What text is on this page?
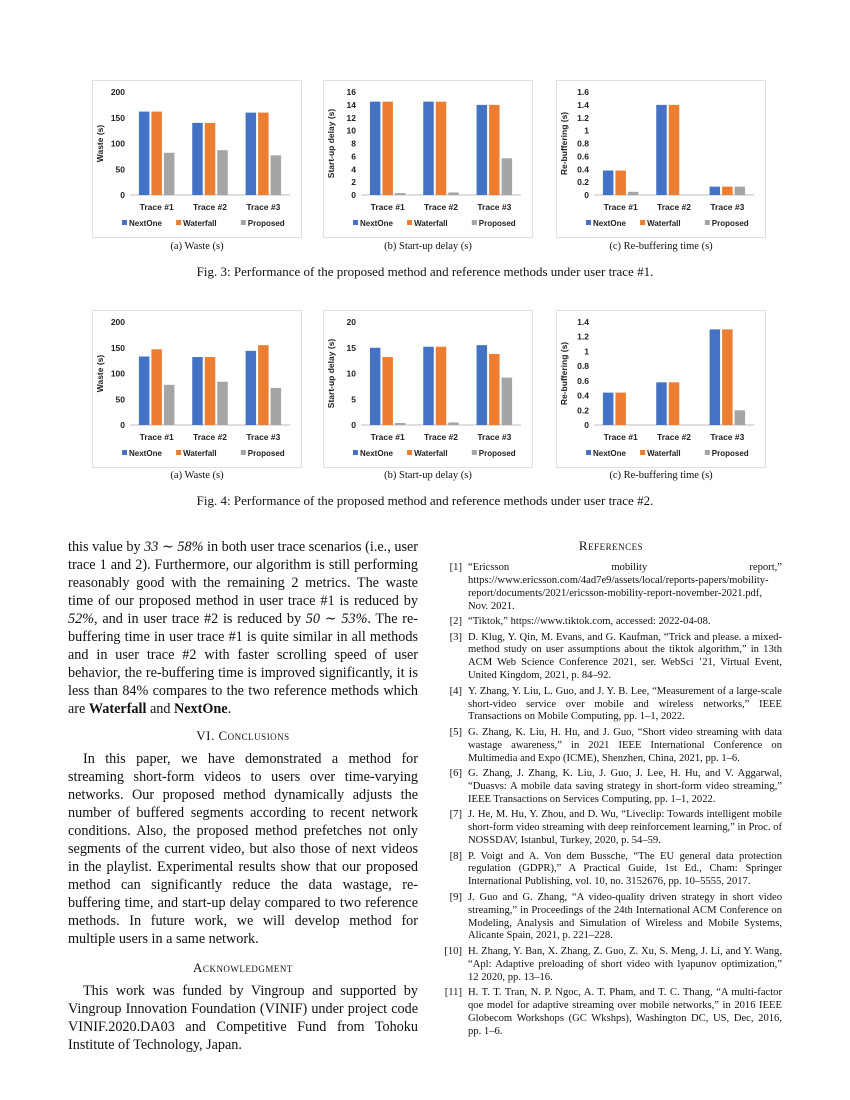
0
50
100
150
200
Waste (s)
Trace #1 Trace #2 Trace #3
NextOne	Waterfall	Proposed
0
2
4
6
8
10
12
14
16
Start-up delay (s)
Trace #1 Trace #2 Trace #3
NextOne	Waterfall	Proposed
0
0.2
0.4
0.6
0.8
1
1.2
1.4
1.6
Re-buffering (s)
Trace #1 Trace #2 Trace #3
NextOne	Waterfall	Proposed
(a) Waste (s)	(b) Start-up delay (s)	(c) Re-buffering time (s)
Fig. 3: Performance of the proposed method and reference methods under user trace #1.
0
50
100
150
200
Waste (s)
Trace #1 Trace #2 Trace #3
NextOne	Waterfall	Proposed
0
5
10
15
20
Start-up delay (s)
Trace #1 Trace #2 Trace #3
NextOne	Waterfall	Proposed
0
0.2
0.4
0.6
0.8
1
1.2
1.4
Re-buffering (s)
Trace #1 Trace #2 Trace #3
NextOne	Waterfall	Proposed
(a) Waste (s)	(b) Start-up delay (s)	(c) Re-buffering time (s)
Fig. 4: Performance of the proposed method and reference methods under user trace #2.

this value by 33 ∼ 58% in both user trace scenarios (i.e., user trace 1 and 2). Furthermore, our algorithm is still performing reasonably good with the remaining 2 metrics. The waste time of our proposed method in user trace #1 is reduced by 52%, and in user trace #2 is reduced by 50 ∼ 53%. The re-buffering time in user trace #1 is quite similar in all methods and in user trace #2 with faster scrolling speed of user behavior, the re-buffering time is improved significantly, it is less than 84% compares to the two reference methods which are Waterfall and NextOne.

VI. Conclusions

In this paper, we have demonstrated a method for streaming short-form videos to users over time-varying networks. Our proposed method dynamically adjusts the number of buffered segments according to recent network conditions. Also, the proposed method prefetches not only segments of the current video, but also those of next videos in the playlist. Experimental results show that our proposed method can significantly reduce the data wastage, re-buffering time, and start-up delay compared to two reference methods. In future work, we will develop method for multiple users in a same network.

Acknowledgment

This work was funded by Vingroup and supported by Vingroup Innovation Foundation (VINIF) under project code VINIF.2020.DA03 and Competitive Fund from Tohoku Institute of Technology, Japan.

References
[1] “Ericsson mobility report,” https://www.ericsson.com/4ad7e9/assets/local/reports-papers/mobility-report/documents/2021/ericsson-mobility-report-november-2021.pdf, Nov. 2021.
[2] “Tiktok,” https://www.tiktok.com, accessed: 2022-04-08.
[3] D. Klug, Y. Qin, M. Evans, and G. Kaufman, “Trick and please. a mixed-method study on user assumptions about the tiktok algorithm,” in 13th ACM Web Science Conference 2021, ser. WebSci ’21, Virtual Event, United Kingdom, 2021, p. 84–92.
[4] Y. Zhang, Y. Liu, L. Guo, and J. Y. B. Lee, “Measurement of a large-scale short-video service over mobile and wireless networks,” IEEE Transactions on Mobile Computing, pp. 1–1, 2022.
[5] G. Zhang, K. Liu, H. Hu, and J. Guo, “Short video streaming with data wastage awareness,” in 2021 IEEE International Conference on Multimedia and Expo (ICME), Shenzhen, China, 2021, pp. 1–6.
[6] G. Zhang, J. Zhang, K. Liu, J. Guo, J. Lee, H. Hu, and V. Aggarwal, “Duasvs: A mobile data saving strategy in short-form video streaming,” IEEE Transactions on Services Computing, pp. 1–1, 2022.
[7] J. He, M. Hu, Y. Zhou, and D. Wu, “Liveclip: Towards intelligent mobile short-form video streaming with deep reinforcement learning,” in Proc. of NOSSDAV, Istanbul, Turkey, 2020, p. 54–59.
[8] P. Voigt and A. Von dem Bussche, “The EU general data protection regulation (GDPR),” A Practical Guide, 1st Ed., Cham: Springer International Publishing, vol. 10, no. 3152676, pp. 10–5555, 2017.
[9] J. Guo and G. Zhang, “A video-quality driven strategy in short video streaming,” in Proceedings of the 24th International ACM Conference on Modeling, Analysis and Simulation of Wireless and Mobile Systems, Alicante Spain, 2021, p. 221–228.
[10] H. Zhang, Y. Ban, X. Zhang, Z. Guo, Z. Xu, S. Meng, J. Li, and Y. Wang, “Apl: Adaptive preloading of short video with lyapunov optimization,” 12 2020, pp. 13–16.
[11] H. T. T. Tran, N. P. Ngoc, A. T. Pham, and T. C. Thang, “A multi-factor qoe model for adaptive streaming over mobile networks,” in 2016 IEEE Globecom Workshops (GC Wkshps), Washington DC, US, Dec, 2016, pp. 1–6.
